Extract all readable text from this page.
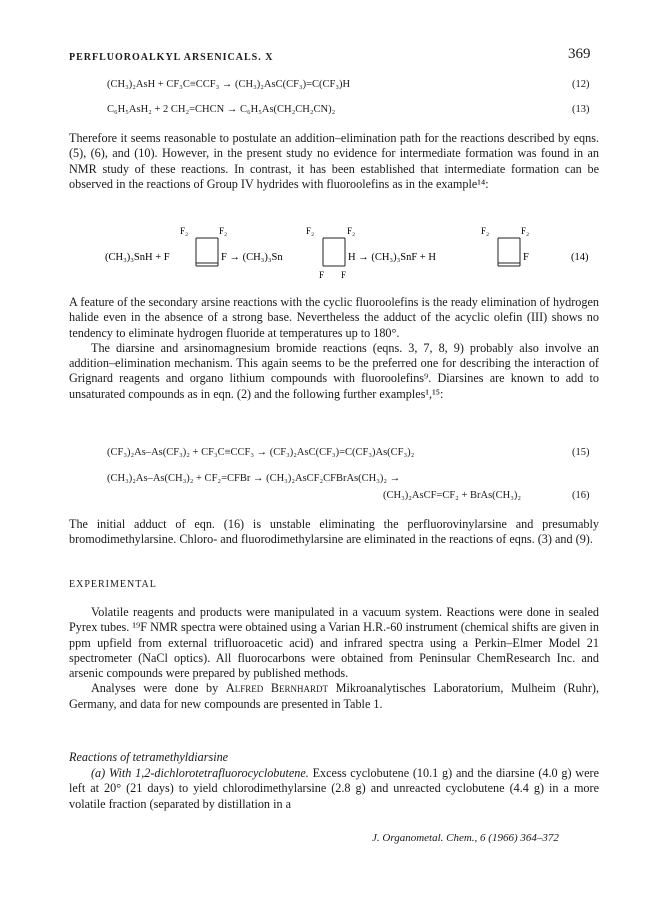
PERFLUOROALKYL ARSENICALS. X	369
(CH₃)₂AsH + CF₃C≡CCF₃ → (CH₃)₂AsC(CF₃)=C(CF₃)H	(12)
C₆H₅AsH₂ + 2 CH₂=CHCN → C₆H₅As(CH₂CH₂CN)₂	(13)

Therefore it seems reasonable to postulate an addition–elimination path for the reactions described by eqns. (5), (6), and (10). However, in the present study no evidence for intermediate formation was found in an NMR study of these reactions. In contrast, it has been established that intermediate formation can be observed in the reactions of Group IV hydrides with fluoroolefins as in the example¹⁴:

(CH₃)₃SnH + F
F₂	F₂
F → (CH₃)₃Sn
F₂	F₂
F F
H → (CH₃)₃SnF + H
F₂	F₂
F	(14)

A feature of the secondary arsine reactions with the cyclic fluoroolefins is the ready elimination of hydrogen halide even in the absence of a strong base. Nevertheless the adduct of the acyclic olefin (III) shows no tendency to eliminate hydrogen fluoride at temperatures up to 180°.

The diarsine and arsinomagnesium bromide reactions (eqns. 3, 7, 8, 9) probably also involve an addition–elimination mechanism. This again seems to be the preferred one for describing the interaction of Grignard reagents and organo lithium compounds with fluoroolefins⁹. Diarsines are known to add to unsaturated compounds as in eqn. (2) and the following further examples¹,¹⁵:

(CF₃)₂As–As(CF₃)₂ + CF₃C≡CCF₃ → (CF₃)₂AsC(CF₃)=C(CF₃)As(CF₃)₂	(15)
(CH₃)₂As–As(CH₃)₂ + CF₂=CFBr → (CH₃)₂AsCF₂CFBrAs(CH₃)₂ →
(CH₃)₂AsCF=CF₂ + BrAs(CH₃)₂	(16)

The initial adduct of eqn. (16) is unstable eliminating the perfluorovinylarsine and presumably bromodimethylarsine. Chloro- and fluorodimethylarsine are eliminated in the reactions of eqns. (3) and (9).

EXPERIMENTAL

Volatile reagents and products were manipulated in a vacuum system. Reactions were done in sealed Pyrex tubes. ¹⁹F NMR spectra were obtained using a Varian H.R.-60 instrument (chemical shifts are given in ppm upfield from external trifluoroacetic acid) and infrared spectra using a Perkin–Elmer Model 21 spectrometer (NaCl optics). All fluorocarbons were obtained from Peninsular ChemResearch Inc. and arsenic compounds were prepared by published methods.

Analyses were done by Alfred Bernhardt Mikroanalytisches Laboratorium, Mulheim (Ruhr), Germany, and data for new compounds are presented in Table 1.

Reactions of tetramethyldiarsine

(a) With 1,2-dichlorotetrafluorocyclobutene. Excess cyclobutene (10.1 g) and the diarsine (4.0 g) were left at 20° (21 days) to yield chlorodimethylarsine (2.8 g) and unreacted cyclobutene (4.4 g) in a more volatile fraction (separated by distillation in a

J. Organometal. Chem., 6 (1966) 364–372
